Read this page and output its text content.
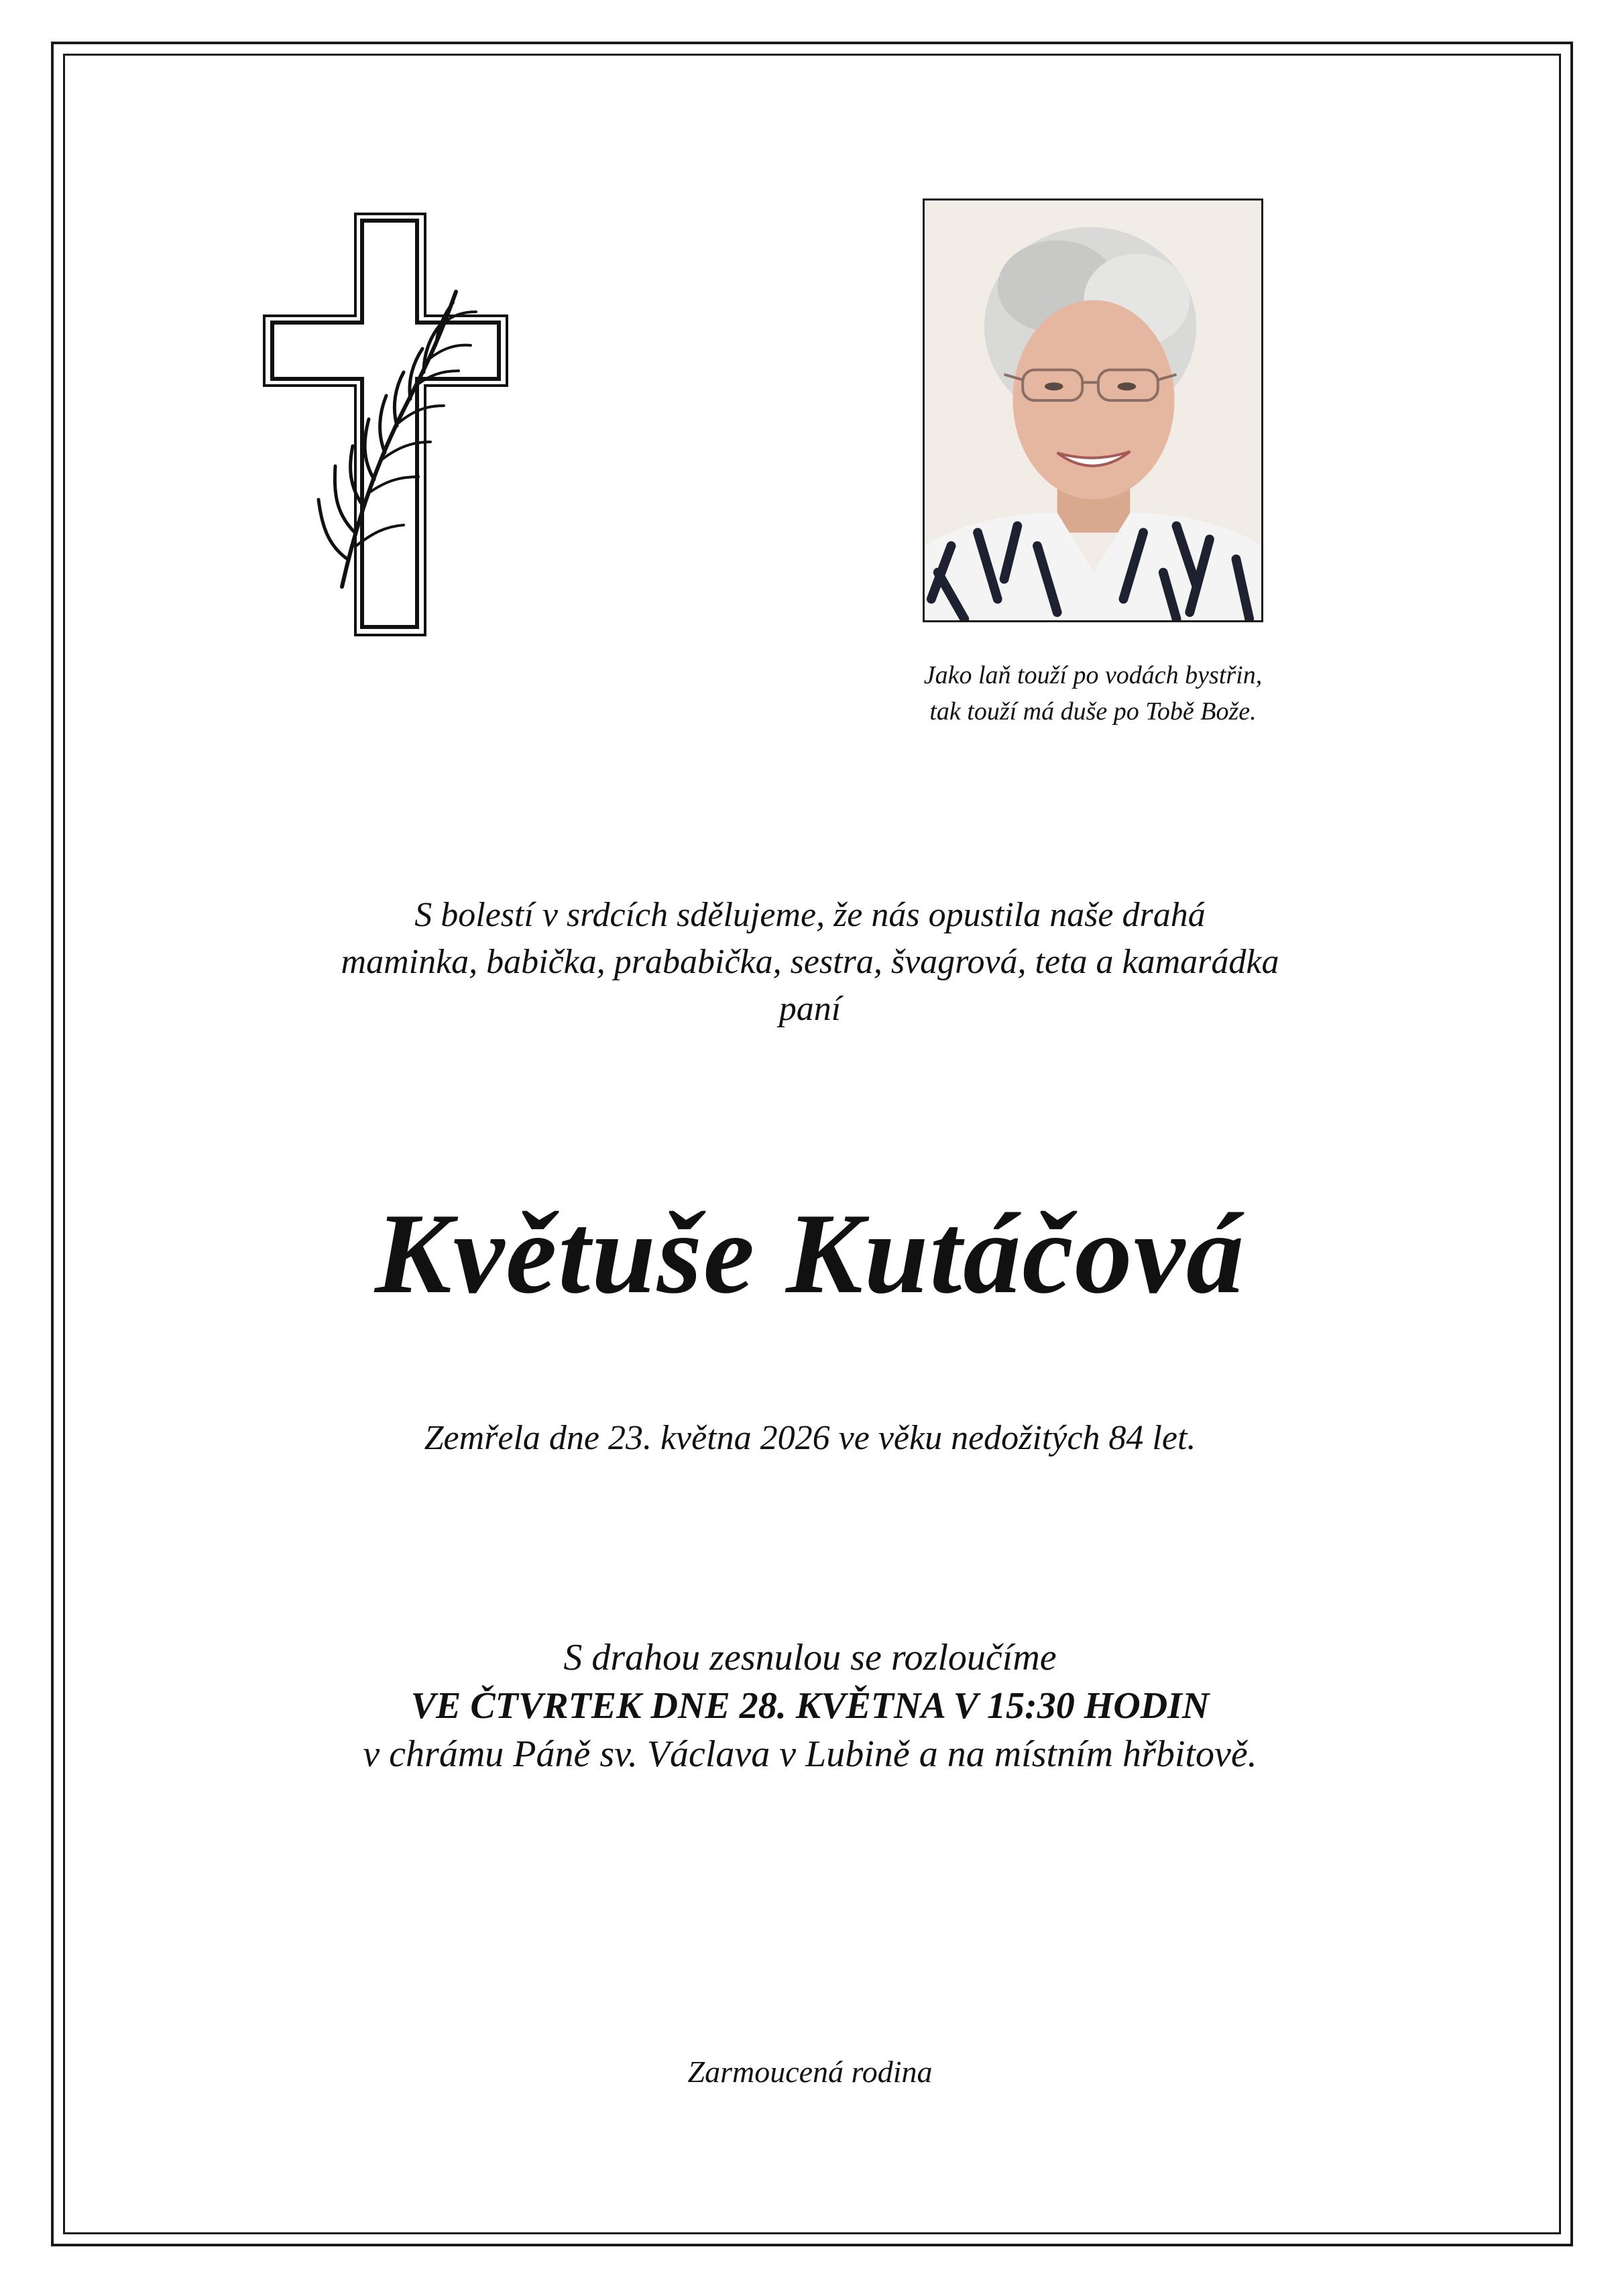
Jako laň touží po vodách bystřin,
tak touží má duše po Tobě Bože.
S bolestí v srdcích sdělujeme, že nás opustila naše drahá
maminka, babička, prababička, sestra, švagrová, teta a kamarádka
paní
Květuše Kutáčová
Zemřela dne 23. května 2026 ve věku nedožitých 84 let.
S drahou zesnulou se rozloučíme
VE ČTVRTEK DNE 28. KVĚTNA V 15:30 HODIN
v chrámu Páně sv. Václava v Lubině a na místním hřbitově.
Zarmoucená rodina
